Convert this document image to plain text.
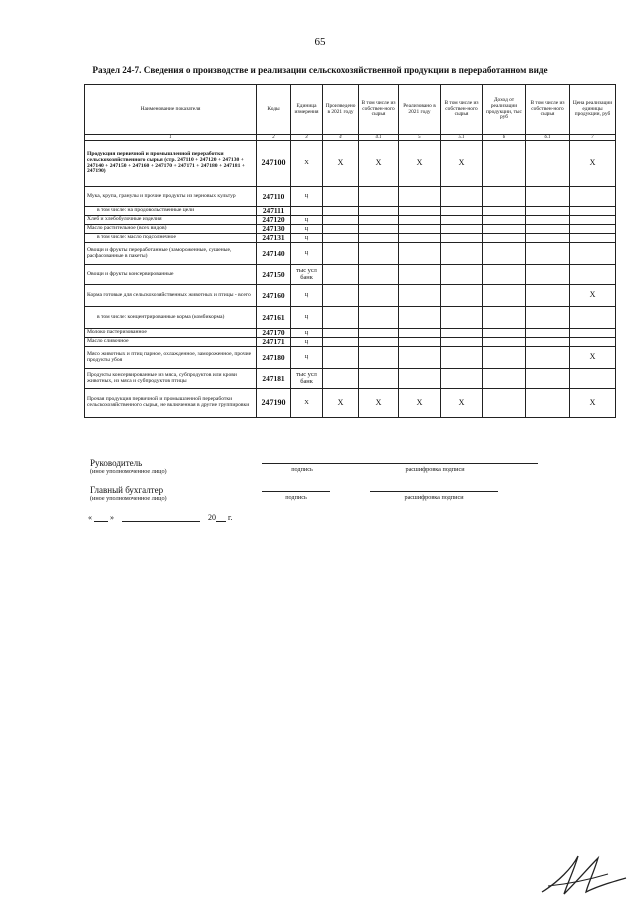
65
Раздел 24-7. Сведения о производстве и реализации сельскохозяйственной продукции в переработанном виде
Наименование показателя	Коды	Единица измерения	Произведено в 2021 году	В том числе из собствен-ного сырья	Реализовано в 2021 году	В том числе из собствен-ного сырья	Доход от реализации продукции, тыс руб	В том числе из собствен-ного сырья	Цена реализации единицы продукции, руб
1	2	3	4	4.1	5	5.1	6	6.1	7
Продукция первичной и промышленной переработки сельскохозяйственного сырья (стр. 247110 + 247120 + 247130 + 247140 + 247150 + 247160 + 247170 + 247171 + 247180 + 247181 + 247190)	247100	Х	Х	Х	Х	Х			Х
Мука, крупа, гранулы и прочие продукты из зерновых культур	247110	ц							
в том числе: на продовольственные цели	247111								
Хлеб и хлебобулочные изделия	247120	ц							
Масло растительное (всех видов)	247130	ц							
в том числе: масло подсолнечное	247131	ц							
Овощи и фрукты переработанные (замороженные, сушеные, расфасованные в пакеты)	247140	ц							
Овощи и фрукты консервированные	247150	тыс усл банк							
Корма готовые для сельскохозяйственных животных и птицы - всего	247160	ц							Х
в том числе: концентрированные корма (комбикорма)	247161	ц							
Молоко пастеризованное	247170	ц							
Масло сливочное	247171	ц							
Мясо животных и птиц парное, охлажденное, замороженное, прочие продукты убоя	247180	ц							Х
Продукты консервированные из мяса, субпродуктов или крови животных, из мяса и субпродуктов птицы	247181	тыс усл банк							
Прочая продукция первичной и промышленной переработки сельскохозяйственного сырья, не включенная в другие группировки	247190	Х	Х	Х	Х	Х			Х
Руководитель
(иное уполномоченное лицо)	подпись	расшифровка подписи
Главный бухгалтер
(иное уполномоченное лицо)	подпись	расшифровка подписи
« »	20 г.
